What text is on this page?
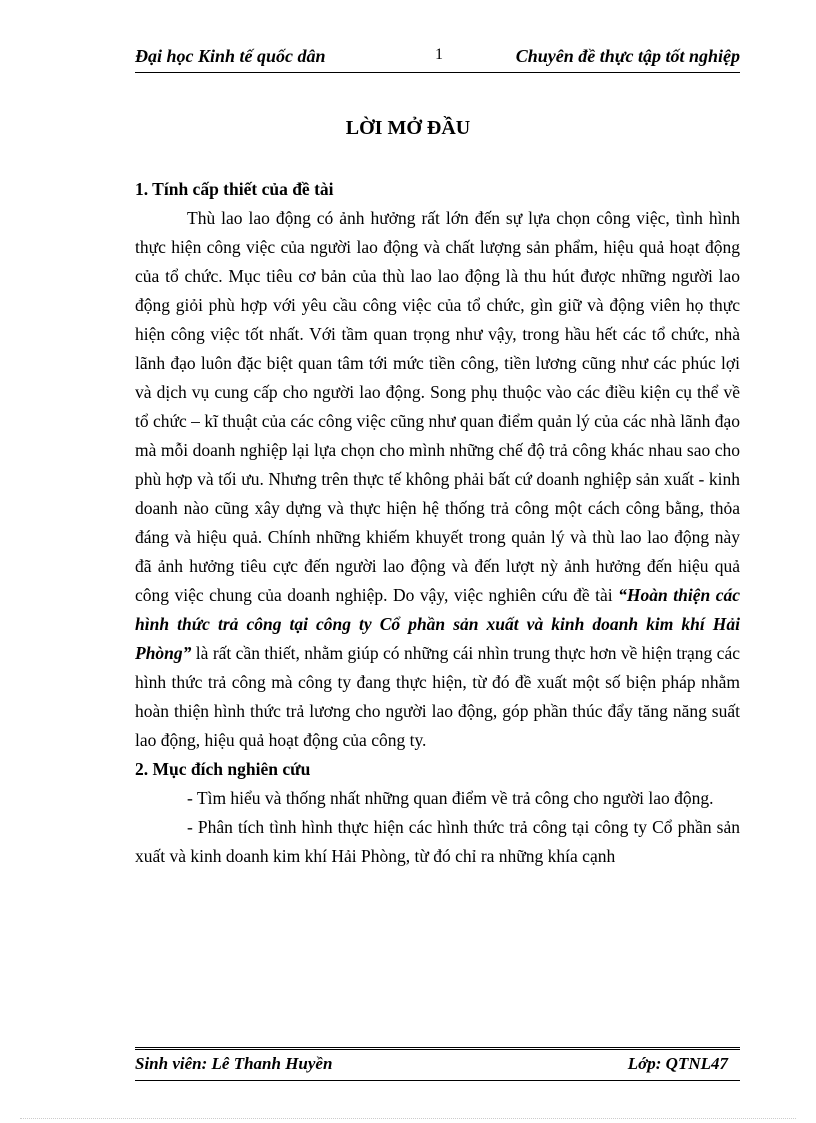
Đại học Kinh tế quốc dân	1	Chuyên đề thực tập tốt nghiệp
LỜI MỞ ĐẦU

1. Tính cấp thiết của đề tài

Thù lao lao động có ảnh hưởng rất lớn đến sự lựa chọn công việc, tình hình thực hiện công việc của người lao động và chất lượng sản phẩm, hiệu quả hoạt động của tổ chức. Mục tiêu cơ bản của thù lao lao động là thu hút được những người lao động giỏi phù hợp với yêu cầu công việc của tổ chức, gìn giữ và động viên họ thực hiện công việc tốt nhất. Với tầm quan trọng như vậy, trong hầu hết các tổ chức, nhà lãnh đạo luôn đặc biệt quan tâm tới mức tiền công, tiền lương cũng như các phúc lợi và dịch vụ cung cấp cho người lao động. Song phụ thuộc vào các điều kiện cụ thể về tổ chức – kĩ thuật của các công việc cũng như quan điểm quản lý của các nhà lãnh đạo mà mỗi doanh nghiệp lại lựa chọn cho mình những chế độ trả công khác nhau sao cho phù hợp và tối ưu. Nhưng trên thực tế không phải bất cứ doanh nghiệp sản xuất - kinh doanh nào cũng xây dựng và thực hiện hệ thống trả công một cách công bằng, thỏa đáng và hiệu quả. Chính những khiếm khuyết trong quản lý và thù lao lao động này đã ảnh hưởng tiêu cực đến người lao động và đến lượt nỳ ảnh hưởng đến hiệu quả công việc chung của doanh nghiệp. Do vậy, việc nghiên cứu đề tài “Hoàn thiện các hình thức trả công tại công ty Cổ phần sản xuất và kinh doanh kim khí Hải Phòng” là rất cần thiết, nhằm giúp có những cái nhìn trung thực hơn về hiện trạng các hình thức trả công mà công ty đang thực hiện, từ đó đề xuất một số biện pháp nhằm hoàn thiện hình thức trả lương cho người lao động, góp phần thúc đẩy tăng năng suất lao động, hiệu quả hoạt động của công ty.

2. Mục đích nghiên cứu

- Tìm hiểu và thống nhất những quan điểm về trả công cho người lao động.

- Phân tích tình hình thực hiện các hình thức trả công tại công ty Cổ phần sản xuất và kinh doanh kim khí Hải Phòng, từ đó chỉ ra những khía cạnh

Sinh viên: Lê Thanh Huyền	Lớp: QTNL47
